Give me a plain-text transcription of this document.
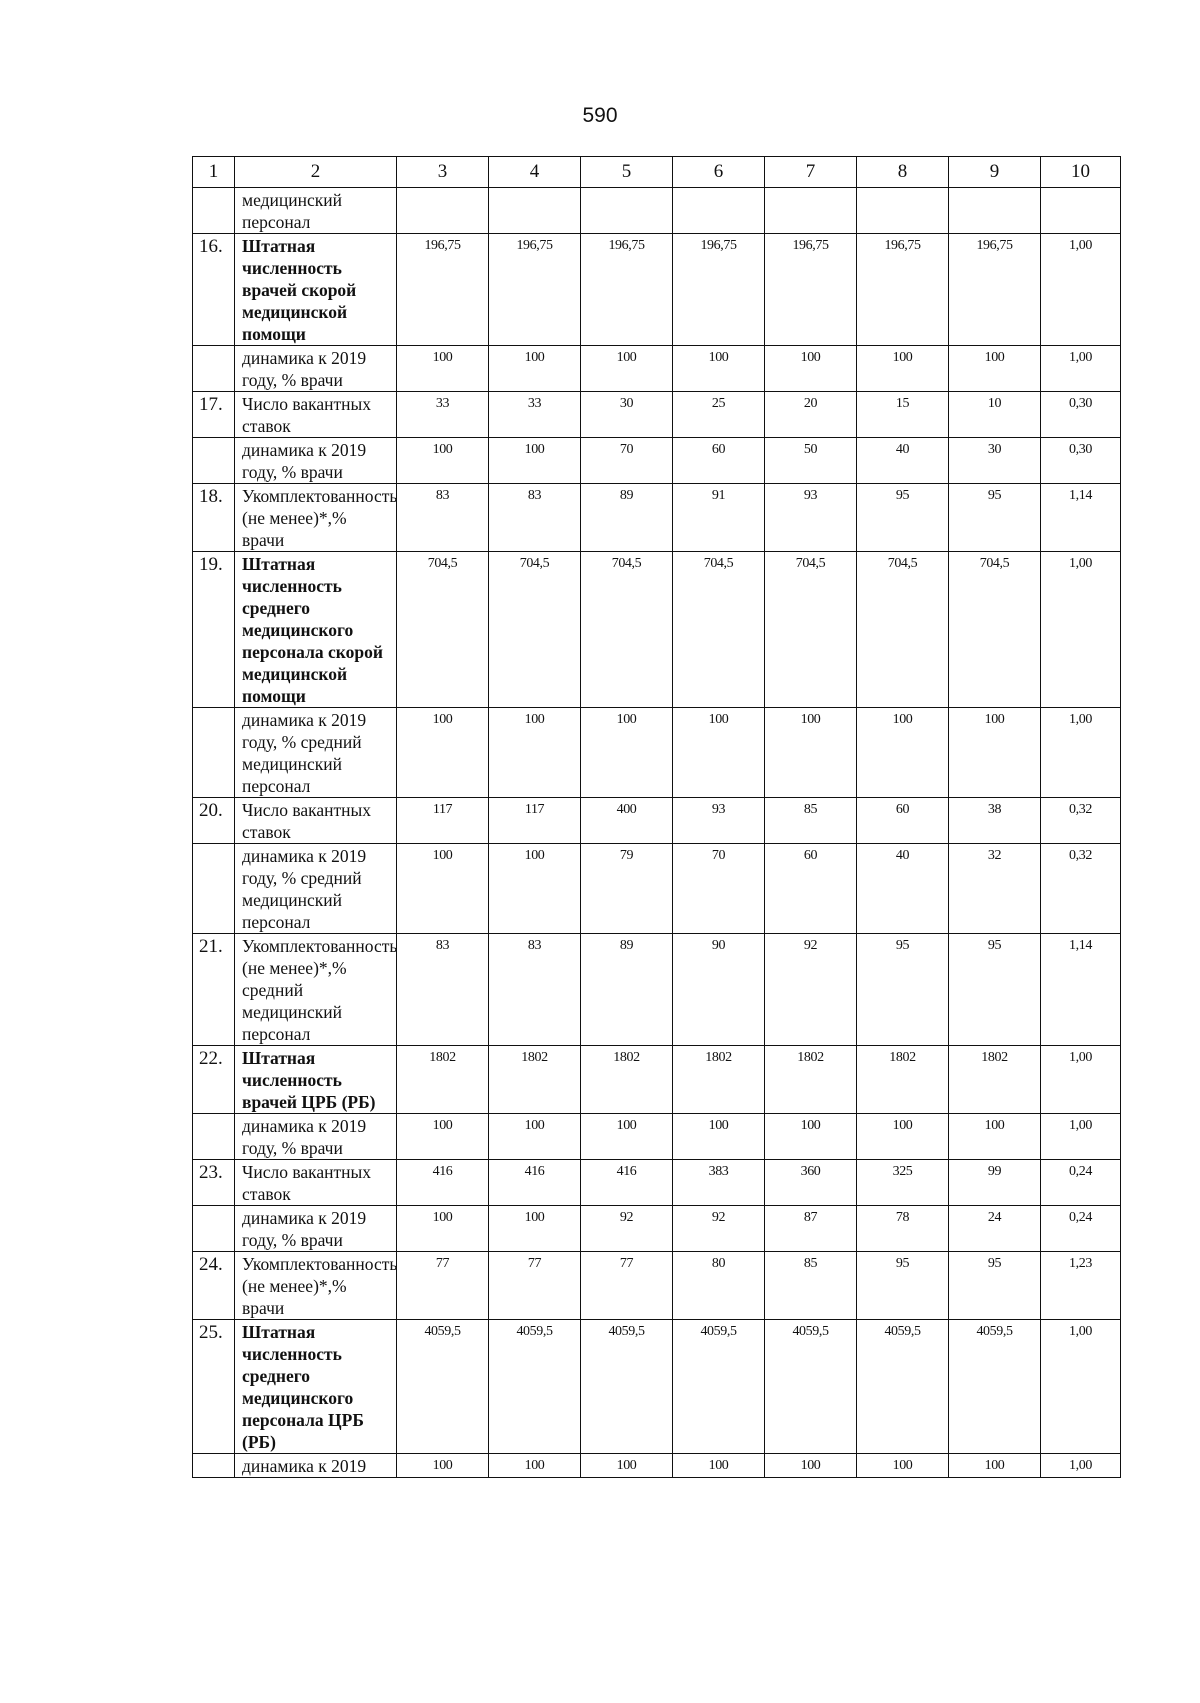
590
1	2	3	4	5	6	7	8	9	10
	медицинский персонал								
16.	Штатная численность врачей скорой медицинской помощи	196,75	196,75	196,75	196,75	196,75	196,75	196,75	1,00
	динамика к 2019 году, % врачи	100	100	100	100	100	100	100	1,00
17.	Число вакантных ставок	33	33	30	25	20	15	10	0,30
	динамика к 2019 году, % врачи	100	100	70	60	50	40	30	0,30
18.	Укомплектованность (не менее)*,% врачи	83	83	89	91	93	95	95	1,14
19.	Штатная численность среднего медицинского персонала скорой медицинской помощи	704,5	704,5	704,5	704,5	704,5	704,5	704,5	1,00
	динамика к 2019 году, % средний медицинский персонал	100	100	100	100	100	100	100	1,00
20.	Число вакантных ставок	117	117	400	93	85	60	38	0,32
	динамика к 2019 году, % средний медицинский персонал	100	100	79	70	60	40	32	0,32
21.	Укомплектованность (не менее)*,% средний медицинский персонал	83	83	89	90	92	95	95	1,14
22.	Штатная численность врачей ЦРБ (РБ)	1802	1802	1802	1802	1802	1802	1802	1,00
	динамика к 2019 году, % врачи	100	100	100	100	100	100	100	1,00
23.	Число вакантных ставок	416	416	416	383	360	325	99	0,24
	динамика к 2019 году, % врачи	100	100	92	92	87	78	24	0,24
24.	Укомплектованность (не менее)*,% врачи	77	77	77	80	85	95	95	1,23
25.	Штатная численность среднего медицинского персонала ЦРБ (РБ)	4059,5	4059,5	4059,5	4059,5	4059,5	4059,5	4059,5	1,00
	динамика к 2019	100	100	100	100	100	100	100	1,00
